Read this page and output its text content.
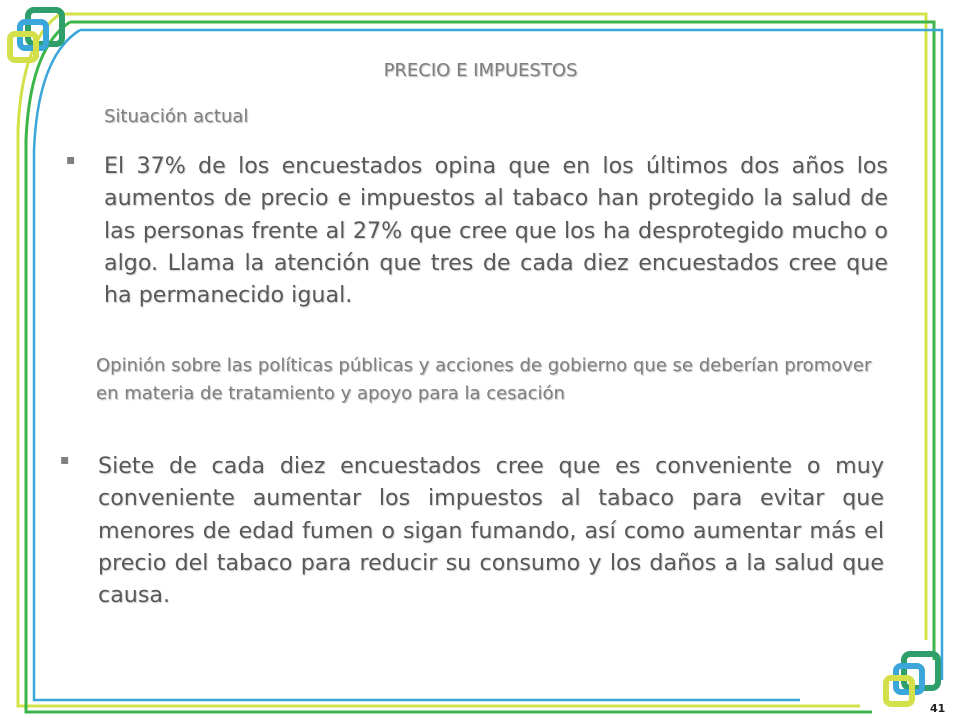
PRECIO E IMPUESTOS
Situación actual
▪ El 37% de los encuestados opina que en los últimos dos años los aumentos de precio e impuestos al tabaco han protegido la salud de las personas frente al 27% que cree que los ha desprotegido mucho o algo. Llama la atención que tres de cada diez encuestados cree que ha permanecido igual.
Opinión sobre las políticas públicas y acciones de gobierno que se deberían promover en materia de tratamiento y apoyo para la cesación
▪ Siete de cada diez encuestados cree que es conveniente o muy conveniente aumentar los impuestos al tabaco para evitar que menores de edad fumen o sigan fumando, así como aumentar más el precio del tabaco para reducir su consumo y los daños a la salud que causa.
41
